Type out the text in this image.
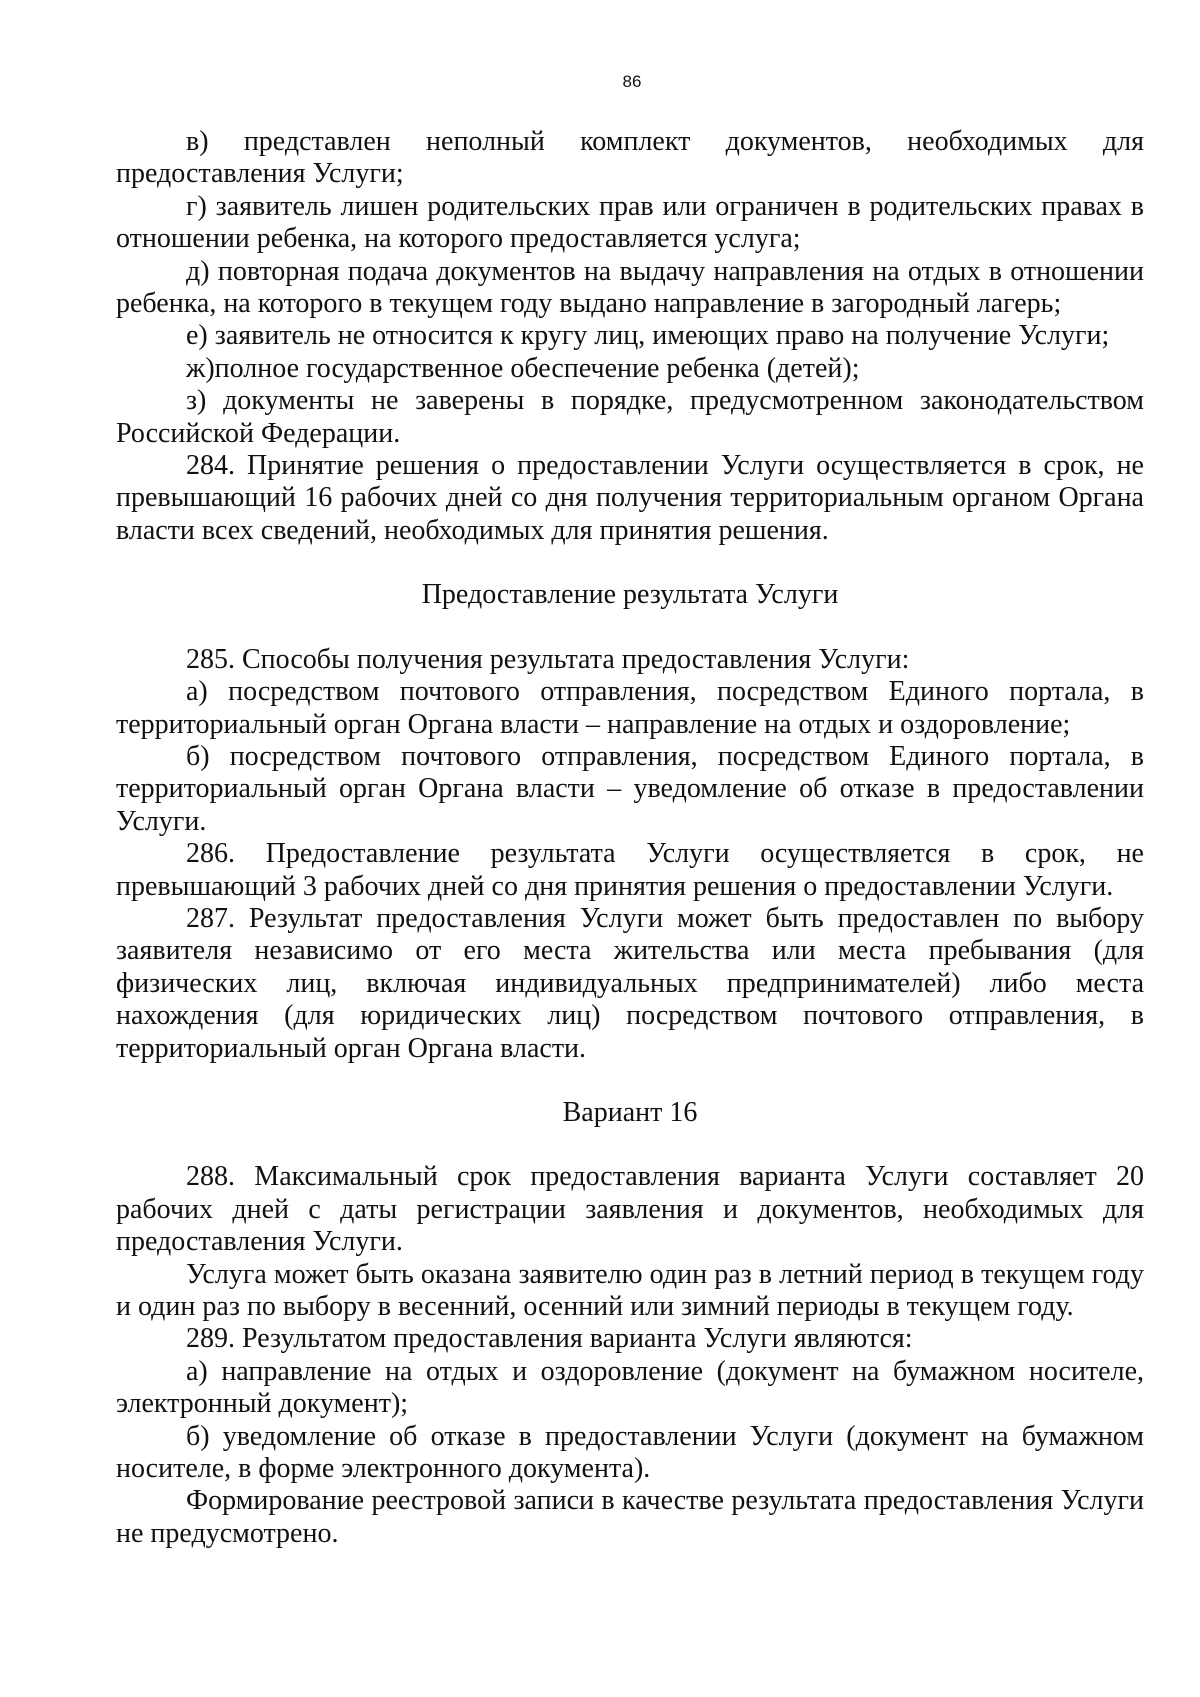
86

в) представлен неполный комплект документов, необходимых для предоставления Услуги;

г) заявитель лишен родительских прав или ограничен в родительских правах в отношении ребенка, на которого предоставляется услуга;

д) повторная подача документов на выдачу направления на отдых в отношении ребенка, на которого в текущем году выдано направление в загородный лагерь;

е) заявитель не относится к кругу лиц, имеющих право на получение Услуги;

ж)полное государственное обеспечение ребенка (детей);

з) документы не заверены в порядке, предусмотренном законодательством Российской Федерации.

284. Принятие решения о предоставлении Услуги осуществляется в срок, не превышающий 16 рабочих дней со дня получения территориальным органом Органа власти всех сведений, необходимых для принятия решения.

Предоставление результата Услуги

285. Способы получения результата предоставления Услуги:

а) посредством почтового отправления, посредством Единого портала, в территориальный орган Органа власти – направление на отдых и оздоровление;

б) посредством почтового отправления, посредством Единого портала, в территориальный орган Органа власти – уведомление об отказе в предоставлении Услуги.

286. Предоставление результата Услуги осуществляется в срок, не превышающий 3 рабочих дней со дня принятия решения о предоставлении Услуги.

287. Результат предоставления Услуги может быть предоставлен по выбору заявителя независимо от его места жительства или места пребывания (для физических лиц, включая индивидуальных предпринимателей) либо места нахождения (для юридических лиц) посредством почтового отправления, в территориальный орган Органа власти.

Вариант 16

288. Максимальный срок предоставления варианта Услуги составляет 20 рабочих дней с даты регистрации заявления и документов, необходимых для предоставления Услуги.

Услуга может быть оказана заявителю один раз в летний период в текущем году и один раз по выбору в весенний, осенний или зимний периоды в текущем году.

289. Результатом предоставления варианта Услуги являются:

а) направление на отдых и оздоровление (документ на бумажном носителе, электронный документ);

б) уведомление об отказе в предоставлении Услуги (документ на бумажном носителе, в форме электронного документа).

Формирование реестровой записи в качестве результата предоставления Услуги не предусмотрено.
